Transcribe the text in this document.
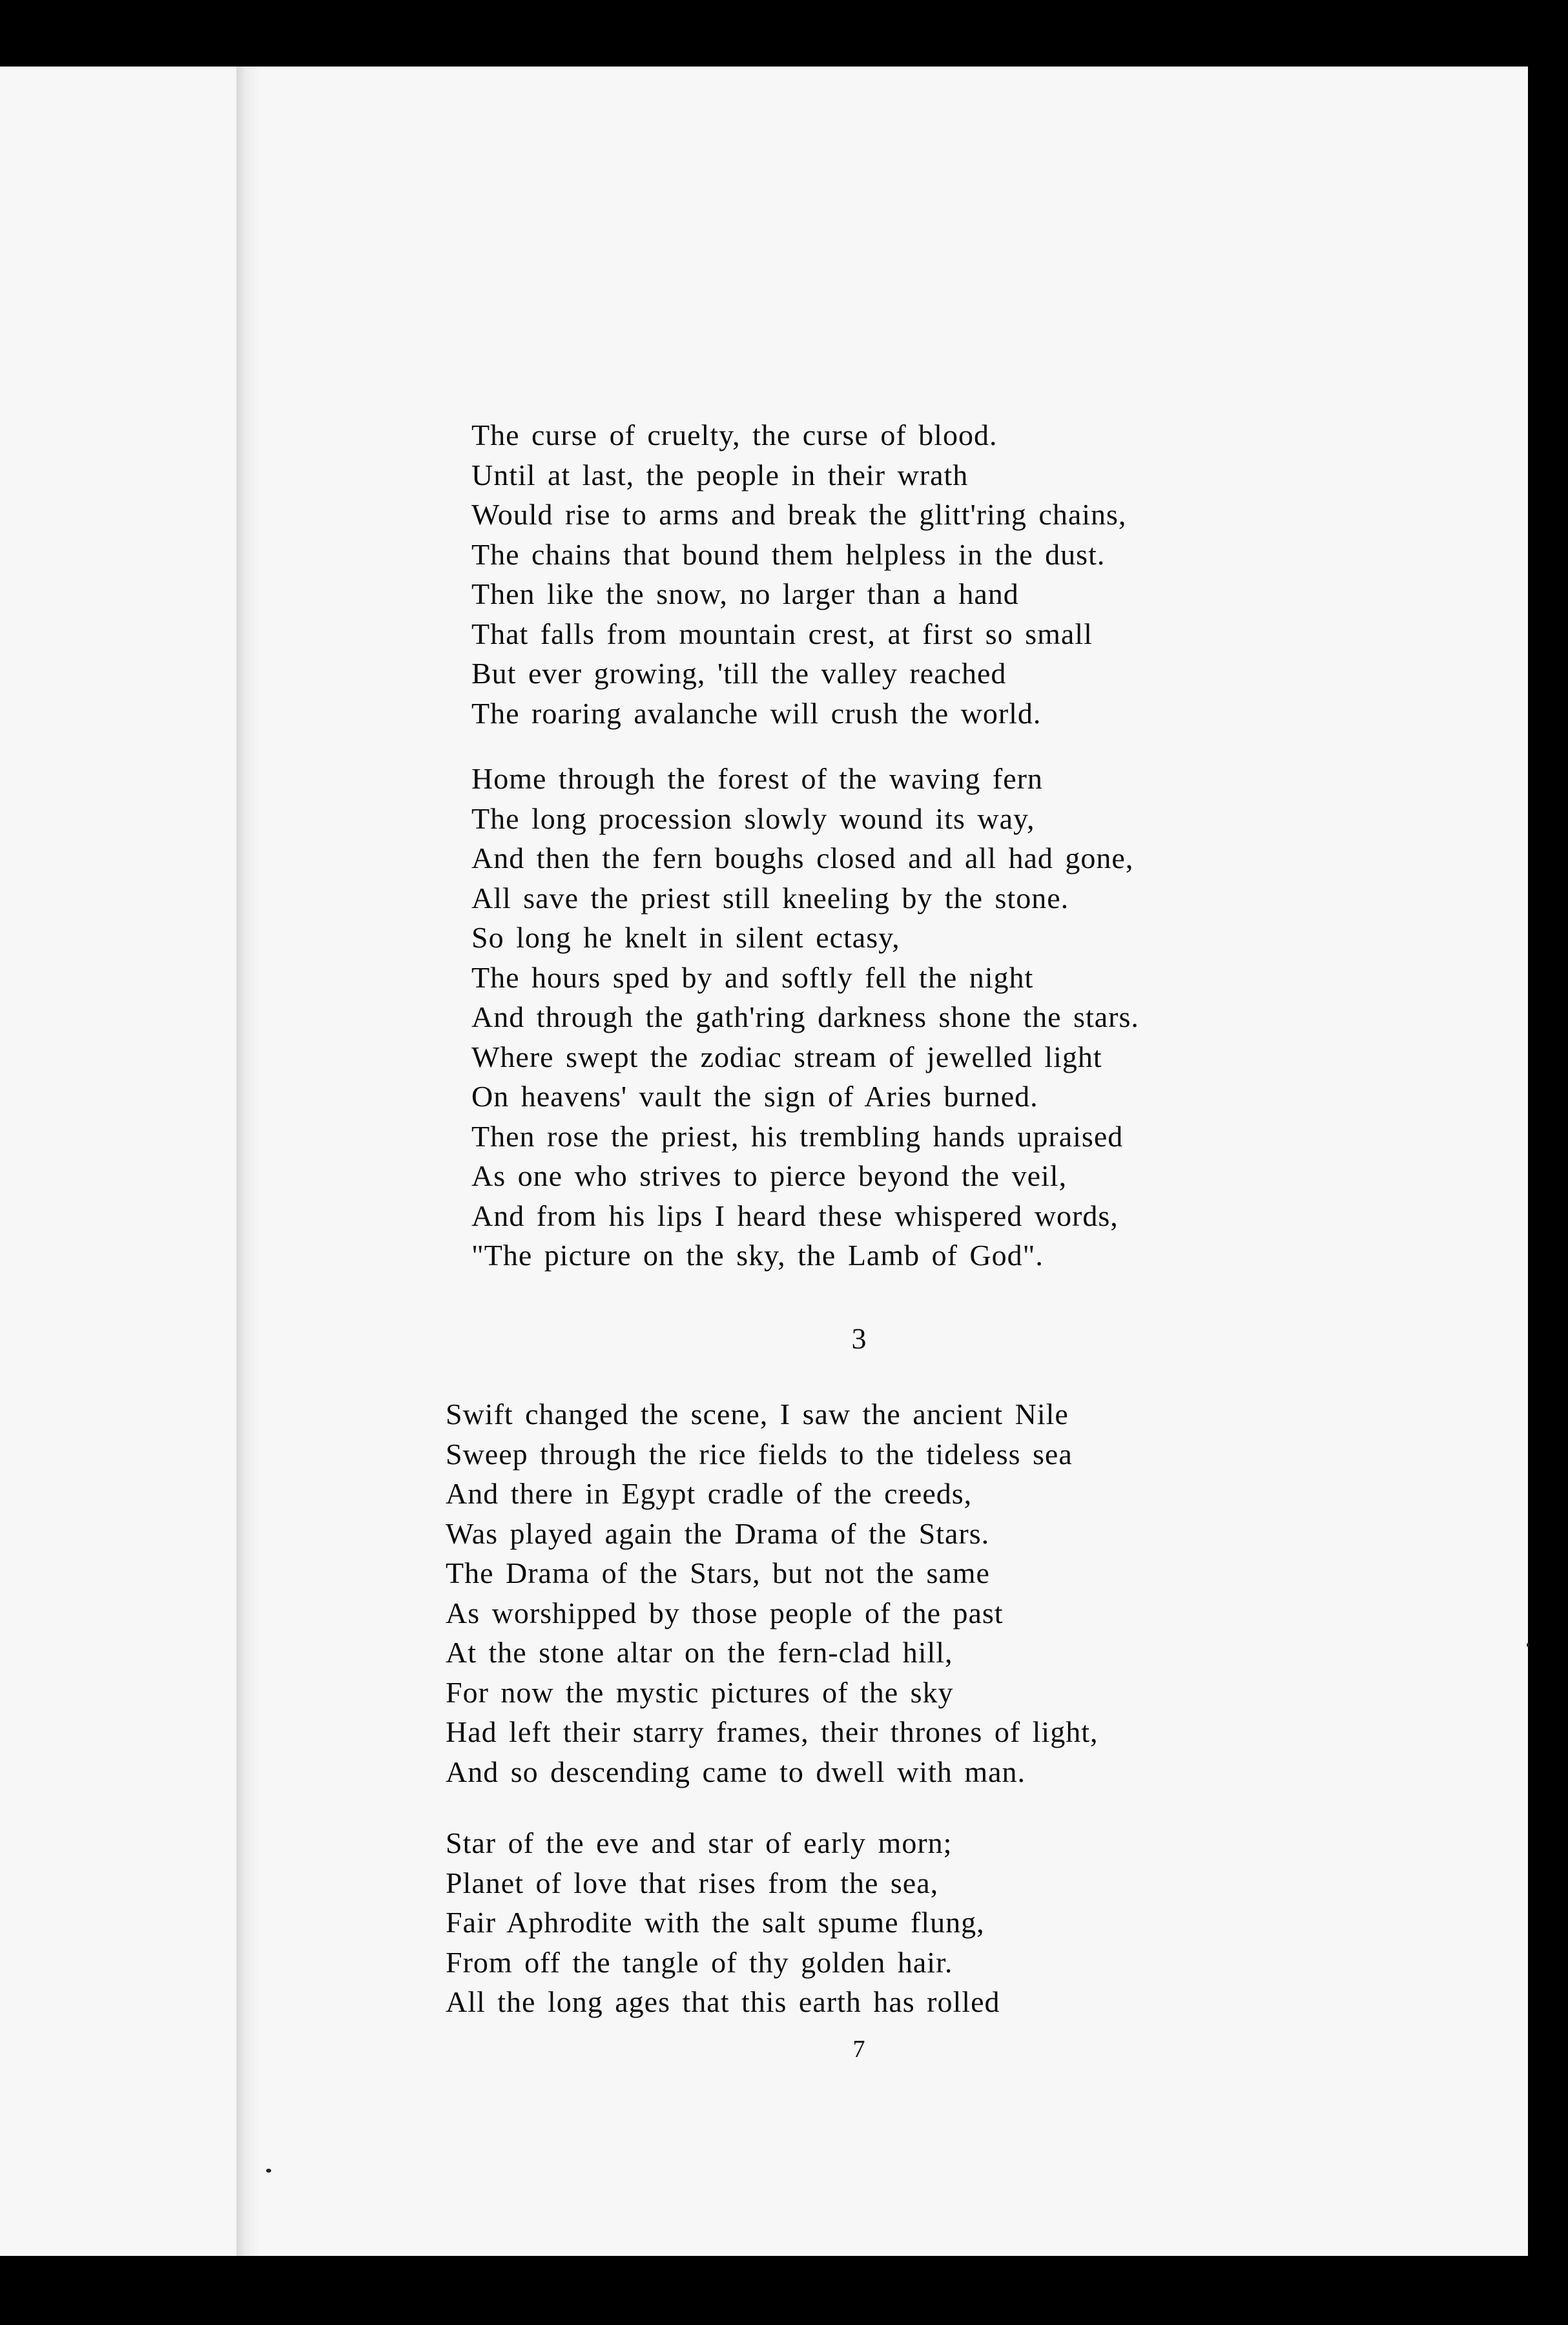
The curse of cruelty, the curse of blood.
Until at last, the people in their wrath
Would rise to arms and break the glitt'ring chains,
The chains that bound them helpless in the dust.
Then like the snow, no larger than a hand
That falls from mountain crest, at first so small
But ever growing, 'till the valley reached
The roaring avalanche will crush the world.
Home through the forest of the waving fern
The long procession slowly wound its way,
And then the fern boughs closed and all had gone,
All save the priest still kneeling by the stone.
So long he knelt in silent ectasy,
The hours sped by and softly fell the night
And through the gath'ring darkness shone the stars.
Where swept the zodiac stream of jewelled light
On heavens' vault the sign of Aries burned.
Then rose the priest, his trembling hands upraised
As one who strives to pierce beyond the veil,
And from his lips I heard these whispered words,
"The picture on the sky, the Lamb of God".
3
Swift changed the scene, I saw the ancient Nile
Sweep through the rice fields to the tideless sea
And there in Egypt cradle of the creeds,
Was played again the Drama of the Stars.
The Drama of the Stars, but not the same
As worshipped by those people of the past
At the stone altar on the fern-clad hill,
For now the mystic pictures of the sky
Had left their starry frames, their thrones of light,
And so descending came to dwell with man.
Star of the eve and star of early morn;
Planet of love that rises from the sea,
Fair Aphrodite with the salt spume flung,
From off the tangle of thy golden hair.
All the long ages that this earth has rolled
7
